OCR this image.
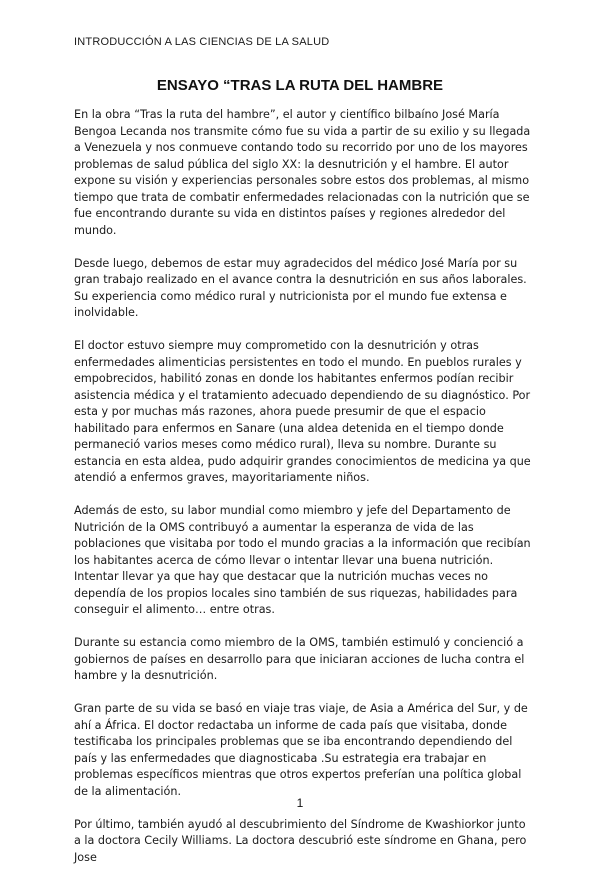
INTRODUCCIÓN A LAS CIENCIAS DE LA SALUD
ENSAYO “TRAS LA RUTA DEL HAMBRE

En la obra “Tras la ruta del hambre”, el autor y científico bilbaíno José María Bengoa Lecanda nos transmite cómo fue su vida a partir de su exilio y su llegada a Venezuela y nos conmueve contando todo su recorrido por uno de los mayores problemas de salud pública del siglo XX: la desnutrición y el hambre. El autor expone su visión y experiencias personales sobre estos dos problemas, al mismo tiempo que trata de combatir enfermedades relacionadas con la nutrición que se fue encontrando durante su vida en distintos países y regiones alrededor del mundo.

Desde luego, debemos de estar muy agradecidos del médico José María por su gran trabajo realizado en el avance contra la desnutrición en sus años laborales. Su experiencia como médico rural y nutricionista por el mundo fue extensa e inolvidable.

El doctor estuvo siempre muy comprometido con la desnutrición y otras enfermedades alimenticias persistentes en todo el mundo. En pueblos rurales y empobrecidos, habilitó zonas en donde los habitantes enfermos podían recibir asistencia médica y el tratamiento adecuado dependiendo de su diagnóstico. Por esta y por muchas más razones, ahora puede presumir de que el espacio habilitado para enfermos en Sanare (una aldea detenida en el tiempo donde permaneció varios meses como médico rural), lleva su nombre. Durante su estancia en esta aldea, pudo adquirir grandes conocimientos de medicina ya que atendió a enfermos graves, mayoritariamente niños.

Además de esto, su labor mundial como miembro y jefe del Departamento de Nutrición de la OMS contribuyó a aumentar la esperanza de vida de las poblaciones que visitaba por todo el mundo gracias a la información que recibían los habitantes acerca de cómo llevar o intentar llevar una buena nutrición. Intentar llevar ya que hay que destacar que la nutrición muchas veces no dependía de los propios locales sino también de sus riquezas, habilidades para conseguir el alimento… entre otras.

Durante su estancia como miembro de la OMS, también estimuló y concienció a gobiernos de países en desarrollo para que iniciaran acciones de lucha contra el hambre y la desnutrición.

Gran parte de su vida se basó en viaje tras viaje, de Asia a América del Sur, y de ahí a África. El doctor redactaba un informe de cada país que visitaba, donde testificaba los principales problemas que se iba encontrando dependiendo del país y las enfermedades que diagnosticaba .Su estrategia era trabajar en problemas específicos mientras que otros expertos preferían una política global de la alimentación.

Por último, también ayudó al descubrimiento del Síndrome de Kwashiorkor junto a la doctora Cecily Williams. La doctora descubrió este síndrome en Ghana, pero Jose

1
